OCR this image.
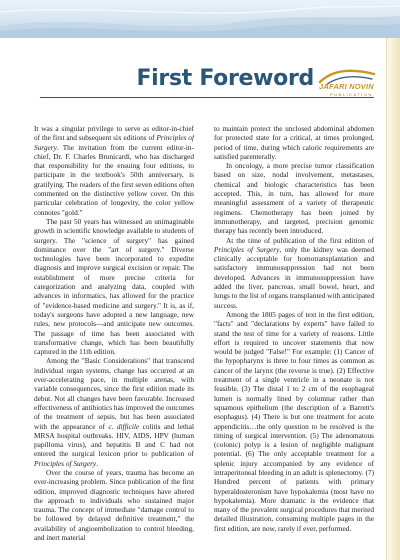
First Foreword JAFARI NOVIN
PUBLICATION

It was a singular privilege to serve as editor-in-chief of the first and subsequent six editions of Principles of Surgery. The invitation from the current editor-in-chief, Dr. F. Charles Brunicardi, who has discharged that responsibility for the ensuing four editions, to participate in the textbook's 50th anniversary, is gratifying. The readers of the first seven editions often commented on the distinctive yellow cover. On this particular celebration of longevity, the color yellow connotes "gold."

The past 50 years has witnessed an unimaginable growth in scientific knowledge available to students of surgery. The "science of surgery" has gained dominance over the "art of surgery." Diverse technologies have been incorporated to expedite diagnosis and improve surgical excision or repair. The establishment of more precise criteria for categorization and analyzing data, coupled with advances in informatics, has allowed for the practice of "evidence-based medicine and surgery." It is, as if, today's surgeons have adopted a new language, new rules, new protocols—and anticipate new outcomes. The passage of time has been associated with transformative change, which has been beautifully captured in the 11th edition.

Among the "Basic Considerations" that transcend individual organ systems, change has occurred at an ever-accelerating pace, in multiple arenas, with variable consequences, since the first edition made its debut. Not all changes have been favorable. Increased effectiveness of antibiotics has improved the outcomes of the treatment of sepsis, but has been associated with the appearance of c. difficile colitis and lethal MRSA hospital outbreaks. HIV, AIDS, HPV (human papilloma virus), and hepatitis B and C had not entered the surgical lexicon prior to publication of Principles of Surgery.

Over the course of years, trauma has become an ever-increasing problem. Since publication of the first edition, improved diagnostic techniques have altered the approach to individuals who sustained major trauma. The concept of immediate "damage control to be followed by delayed definitive treatment," the availability of angioembolization to control bleeding, and inert material

to maintain protect the unclosed abdominal abdomen for protected state for a critical, at times prolonged, period of time, during which caloric requirements are satisfied parenterally.

In oncology, a more precise tumor classification based on size, nodal involvement, metastases, chemical and biologic characteristics has been accepted. This, in turn, has allowed for more meaningful assessment of a variety of therapeutic regimens. Chemotherapy has been joined by immunotherapy, and targeted, precision genomic therapy has recently been introduced.

At the time of publication of the first edition of Principles of Surgery, only the kidney was deemed clinically acceptable for homotransplantation and satisfactory immunosuppression had not been developed. Advances in immunosuppression have added the liver, pancreas, small bowel, heart, and lungs to the list of organs transplanted with anticipated success.

Among the 1805 pages of text in the first edition, "facts" and "declarations by experts" have failed to stand the test of time for a variety of reasons. Little effort is required to uncover statements that now would be judged "False!" For example: (1) Cancer of the hypopharynx is three to four times as common as cancer of the larynx (the reverse is true). (2) Effective treatment of a single ventricle in a neonate is not feasible. (3) The distal 1 to 2 cm of the esophageal lumen is normally lined by columnar rather than squamous epithelium (the description of a Barrett's esophagus). (4) There is but one treatment for acute appendicitis…the only question to be resolved is the timing of surgical intervention. (5) The adenomatous (colonic) polyp is a lesion of negligible malignant potential. (6) The only acceptable treatment for a splenic injury accompanied by any evidence of intraperitoneal bleeding in an adult is splenectomy. (7) Hundred percent of patients with primary hyperaldosteronism have hypokalemia (most have no hypokalemia). More dramatic is the evidence that many of the prevalent surgical procedures that merited detailed illustration, consuming multiple pages in the first edition, are now, rarely if ever, performed.
